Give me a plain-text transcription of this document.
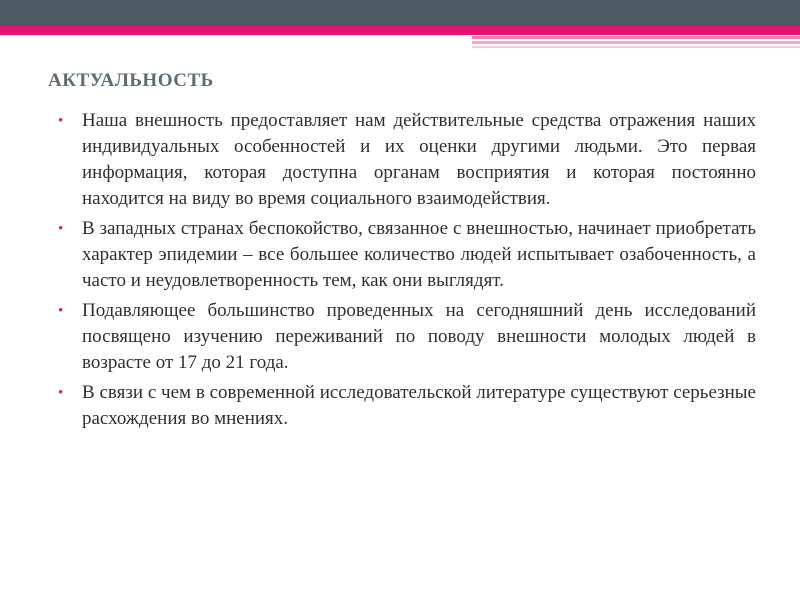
АКТУАЛЬНОСТЬ
• Наша внешность предоставляет нам действительные средства отражения наших индивидуальных особенностей и их оценки другими людьми. Это первая информация, которая доступна органам восприятия и которая постоянно находится на виду во время социального взаимодействия.
• В западных странах беспокойство, связанное с внешностью, начинает приобретать характер эпидемии – все большее количество людей испытывает озабоченность, а часто и неудовлетворенность тем, как они выглядят.
• Подавляющее большинство проведенных на сегодняшний день исследований посвящено изучению переживаний по поводу внешности молодых людей в возрасте от 17 до 21 года.
• В связи с чем в современной исследовательской литературе существуют серьезные расхождения во мнениях.
